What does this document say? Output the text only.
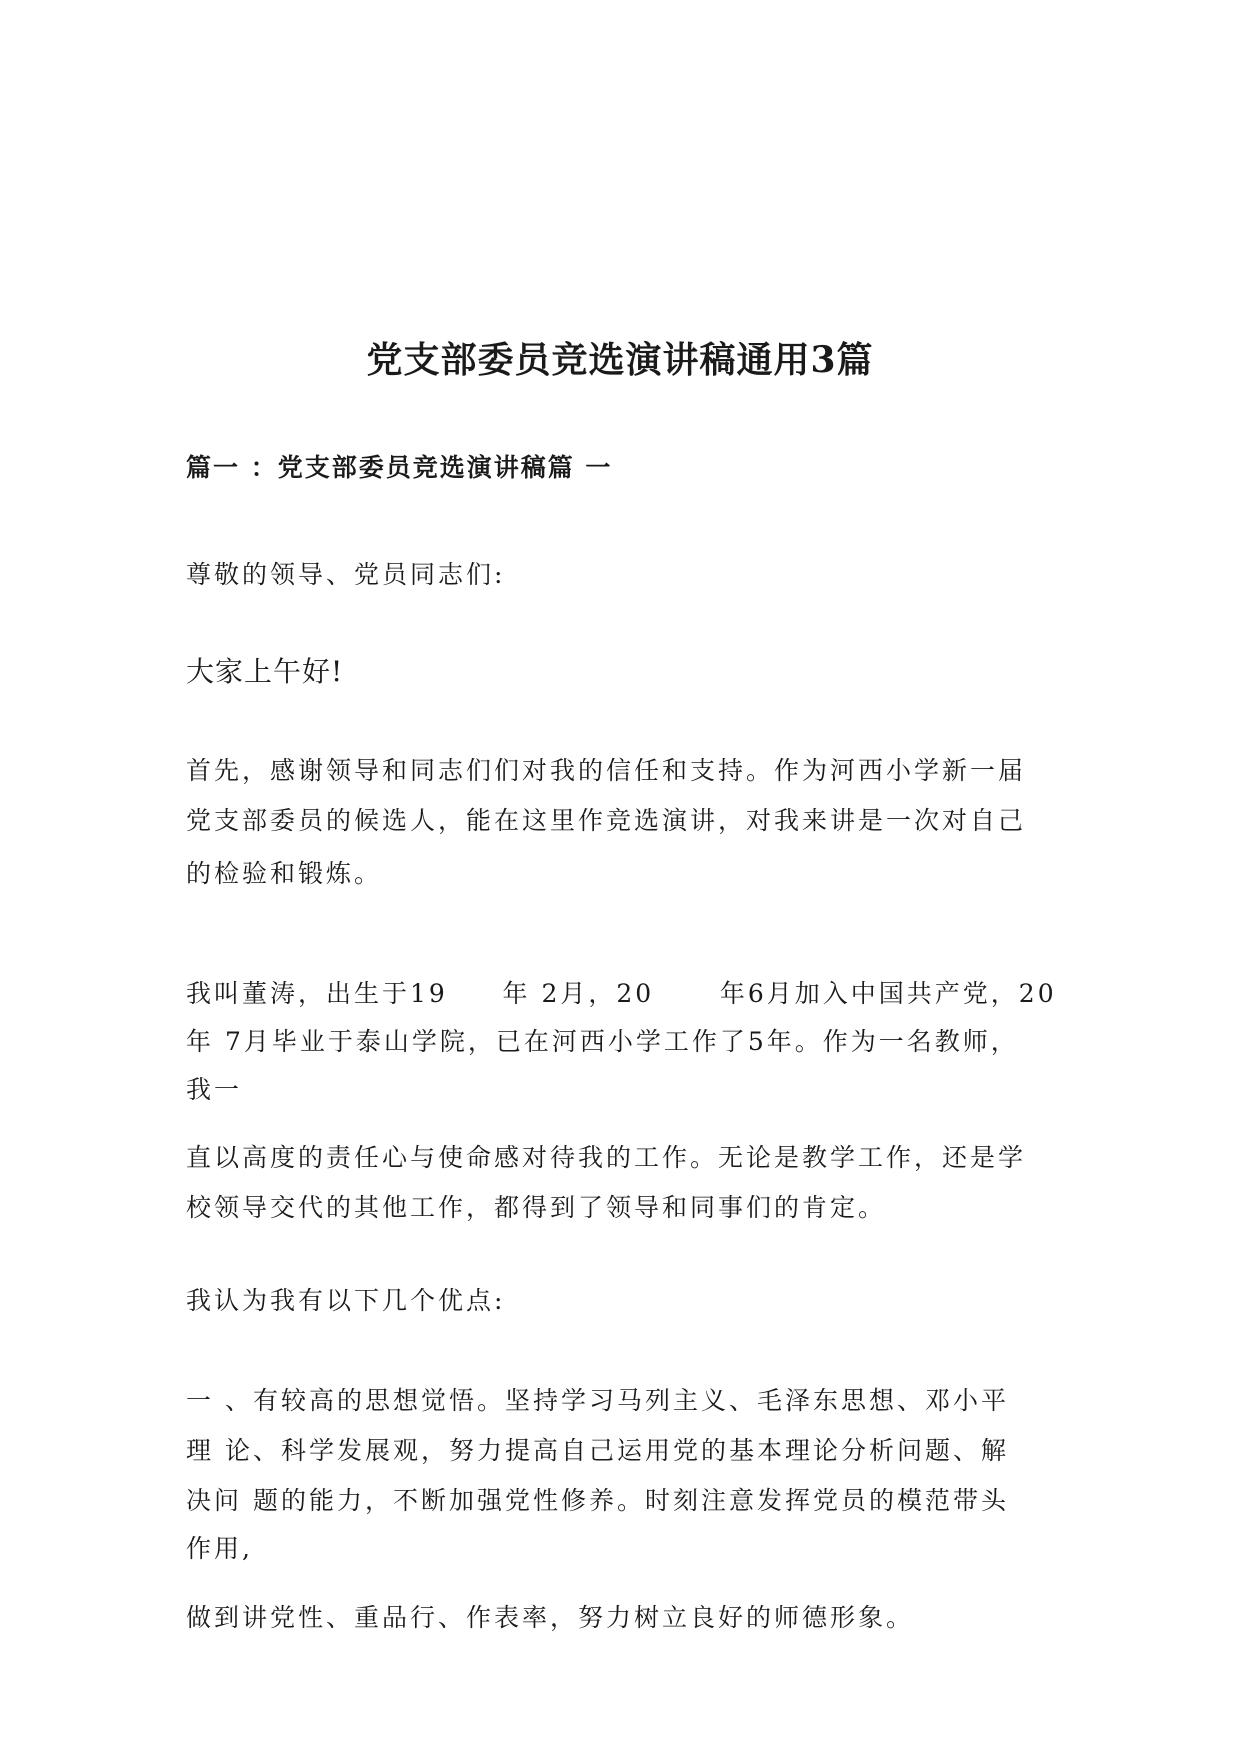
党支部委员竞选演讲稿通用3篇
篇一 ：党支部委员竞选演讲稿篇 一

尊敬的领导、党员同志们:

大家上午好!

首先，感谢领导和同志们们对我的信任和支持。作为河西小学新一届

党支部委员的候选人，能在这里作竞选演讲，对我来讲是一次对自己

的检验和锻炼。

我叫董涛，出生于19     年 2月，20      年6月加入中国共产党，20

年 7月毕业于泰山学院，已在河西小学工作了5年。作为一名教师，

我一

直以高度的责任心与使命感对待我的工作。无论是教学工作，还是学

校领导交代的其他工作，都得到了领导和同事们的肯定。

我认为我有以下几个优点:

一 、有较高的思想觉悟。坚持学习马列主义、毛泽东思想、邓小平

理 论、科学发展观，努力提高自己运用党的基本理论分析问题、解

决问 题的能力，不断加强党性修养。时刻注意发挥党员的模范带头

作用,

做到讲党性、重品行、作表率，努力树立良好的师德形象。
